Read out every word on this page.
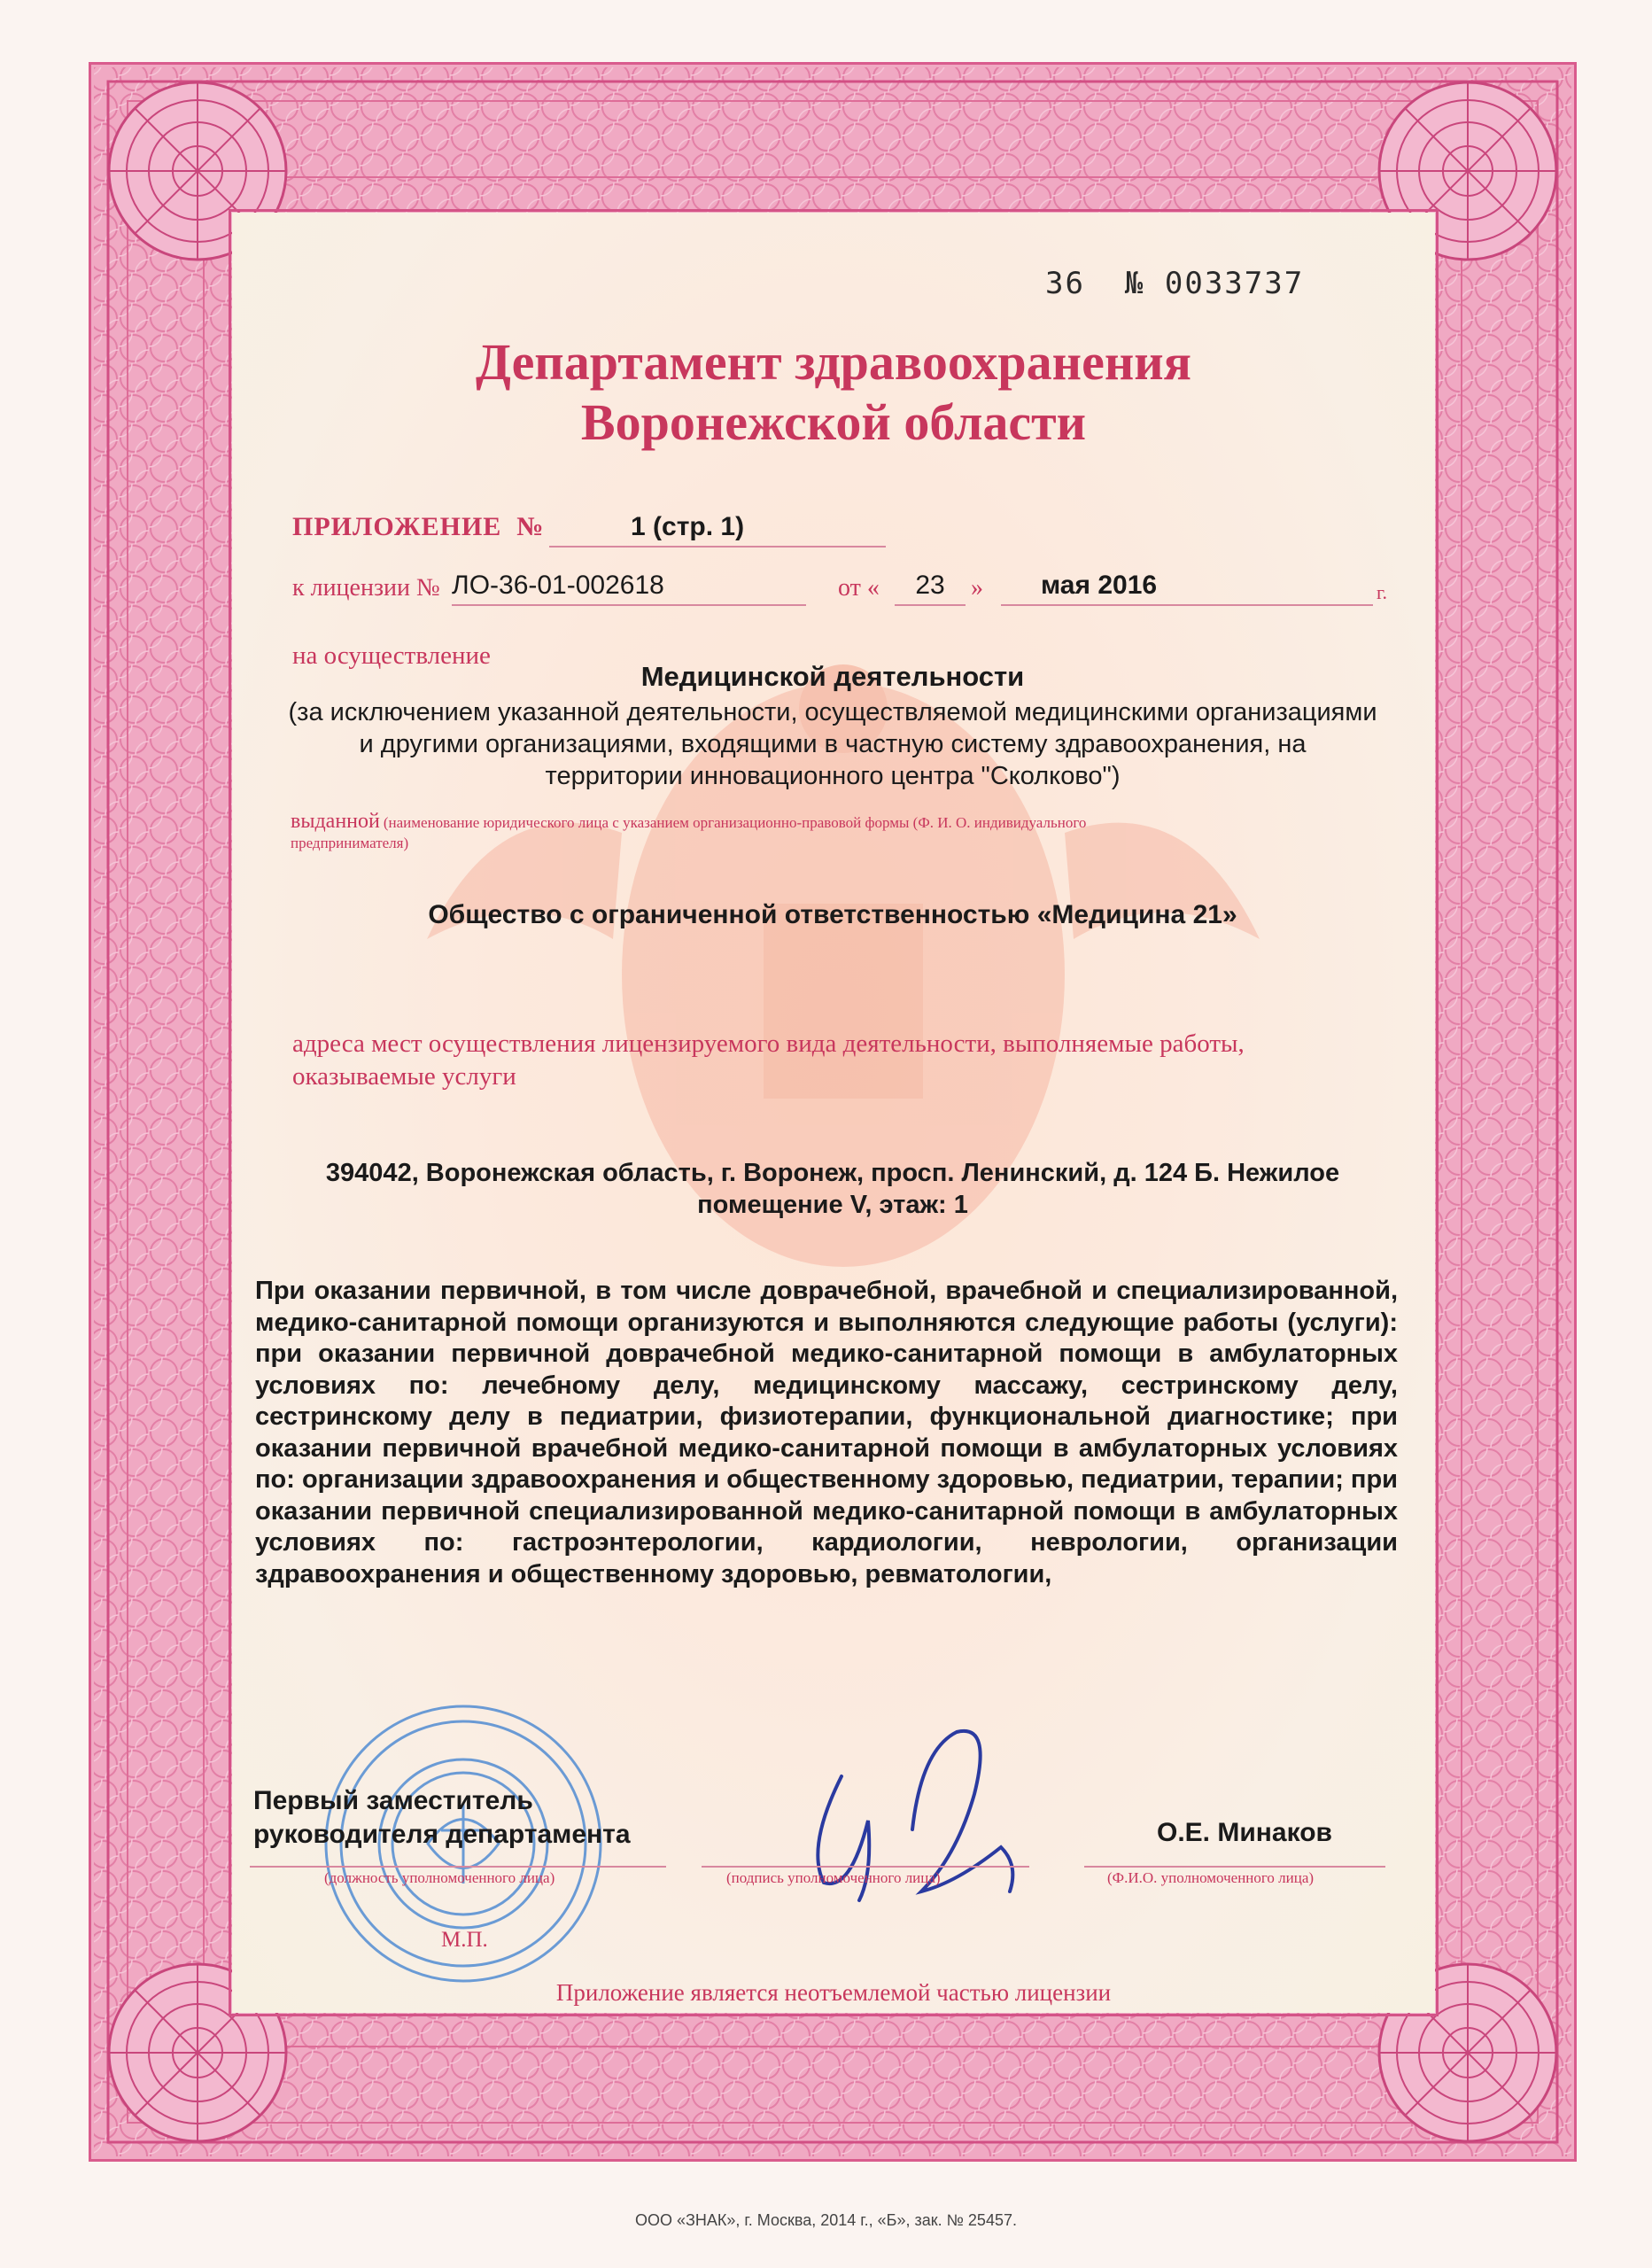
36 № 0033737
Департамент здравоохранения
Воронежской области
ПРИЛОЖЕНИЕ №	1 (стр. 1)
к лицензии № ЛО-36-01-002618	от «	23	»	мая 2016	г.
на осуществление
Медицинской деятельности
(за исключением указанной деятельности, осуществляемой медицинскими организациями
и другими организациями, входящими в частную систему здравоохранения, на
территории инновационного центра "Сколково")
выданной (наименование юридического лица с указанием организационно-правовой формы (Ф. И. О. индивидуального
предпринимателя)
Общество с ограниченной ответственностью «Медицина 21»
адреса мест осуществления лицензируемого вида деятельности, выполняемые работы,
оказываемые услуги
394042, Воронежская область, г. Воронеж, просп. Ленинский, д. 124 Б. Нежилое
помещение V, этаж: 1
При оказании первичной, в том числе доврачебной, врачебной и специализированной, медико-санитарной помощи организуются и выполняются следующие работы (услуги): при оказании первичной доврачебной медико-санитарной помощи в амбулаторных условиях по: лечебному делу, медицинскому массажу, сестринскому делу, сестринскому делу в педиатрии, физиотерапии, функциональной диагностике; при оказании первичной врачебной медико-санитарной помощи в амбулаторных условиях по: организации здравоохранения и общественному здоровью, педиатрии, терапии; при оказании первичной специализированной медико-санитарной помощи в амбулаторных условиях по: гастроэнтерологии, кардиологии, неврологии, организации здравоохранения и общественному здоровью, ревматологии,
Первый заместитель
руководителя департамента
(должность уполномоченного лица)	(подпись уполномоченного лица)
О.Е. Минаков
(Ф.И.О. уполномоченного лица)
М.П.
Приложение является неотъемлемой частью лицензии
ООО «ЗНАК», г. Москва, 2014 г., «Б», зак. № 25457.
